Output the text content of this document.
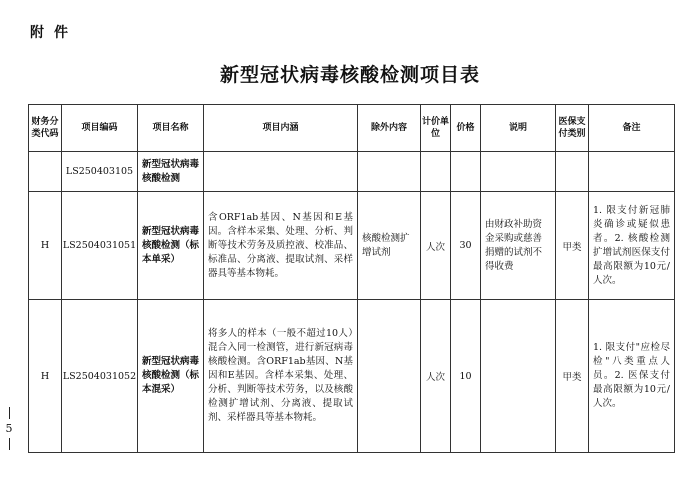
附件
新型冠状病毒核酸检测项目表
5
财务分类代码	项目编码	项目名称	项目内涵	除外内容	计价单位	价格	说明	医保支付类别	备注
	LS250403105	新型冠状病毒核酸检测							
H	LS2504031051	新型冠状病毒核酸检测（标本单采）	含ORF1ab基因、N基因和E基因。含样本采集、处理、分析、判断等技术劳务及质控液、校准品、标准品、分离液、提取试剂、采样器具等基本物耗。	核酸检测扩增试剂	人次	30	由财政补助资金采购或慈善捐赠的试剂不得收费	甲类	1. 限支付新冠肺炎确诊或疑似患者。2. 核酸检测扩增试剂医保支付最高限额为10元/人次。
H	LS2504031052	新型冠状病毒核酸检测（标本混采）	将多人的样本（一般不超过10人）混合入同一检测管，进行新冠病毒核酸检测。含ORF1ab基因、N基因和E基因。含样本采集、处理、分析、判断等技术劳务，以及核酸检测扩增试剂、分离液、提取试剂、采样器具等基本物耗。		人次	10		甲类	1. 限支付"应检尽检"八类重点人员。2. 医保支付最高限额为10元/人次。
